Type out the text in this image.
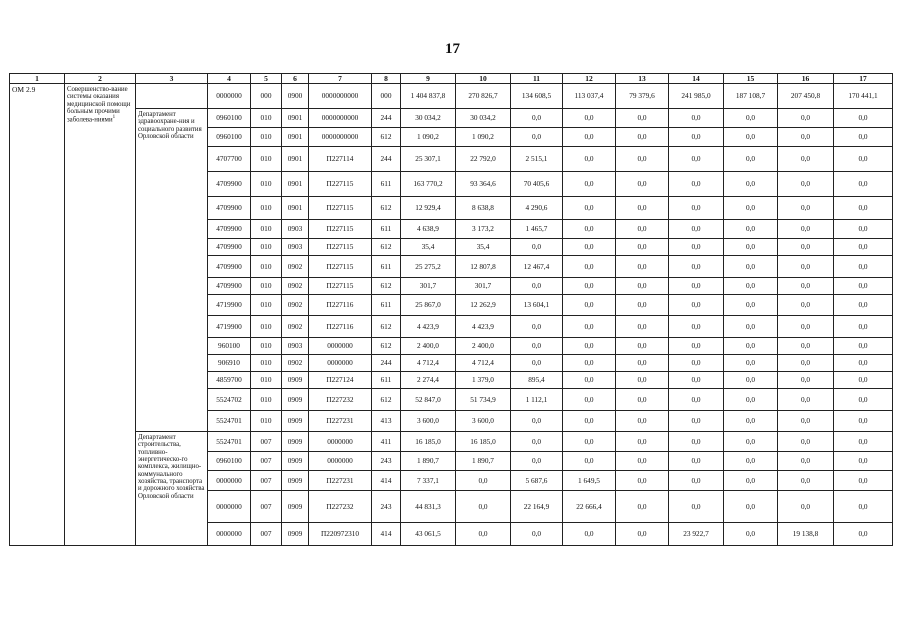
17
1	2	3	4	5	6	7	8	9	10	11	12	13	14	15	16	17
ОМ 2.9	Совершенство-вание системы оказания медицинской помощи больным прочими заболева-ниями$^1$		0000000	000	0900	0000000000	000	1 404 837,8	270 826,7	134 608,5	113 037,4	79 379,6	241 985,0	187 108,7	207 450,8	170 441,1
		Департамент здравоохране-ния и социального развития Орловской области	0960100	010	0901	0000000000	244	30 034,2	30 034,2	0,0	0,0	0,0	0,0	0,0	0,0	0,0
			0960100	010	0901	0000000000	612	1 090,2	1 090,2	0,0	0,0	0,0	0,0	0,0	0,0	0,0
			4707700	010	0901	П227114	244	25 307,1	22 792,0	2 515,1	0,0	0,0	0,0	0,0	0,0	0,0
			4709900	010	0901	П227115	611	163 770,2	93 364,6	70 405,6	0,0	0,0	0,0	0,0	0,0	0,0
			4709900	010	0901	П227115	612	12 929,4	8 638,8	4 290,6	0,0	0,0	0,0	0,0	0,0	0,0
			4709900	010	0903	П227115	611	4 638,9	3 173,2	1 465,7	0,0	0,0	0,0	0,0	0,0	0,0
			4709900	010	0903	П227115	612	35,4	35,4	0,0	0,0	0,0	0,0	0,0	0,0	0,0
			4709900	010	0902	П227115	611	25 275,2	12 807,8	12 467,4	0,0	0,0	0,0	0,0	0,0	0,0
			4709900	010	0902	П227115	612	301,7	301,7	0,0	0,0	0,0	0,0	0,0	0,0	0,0
			4719900	010	0902	П227116	611	25 867,0	12 262,9	13 604,1	0,0	0,0	0,0	0,0	0,0	0,0
			4719900	010	0902	П227116	612	4 423,9	4 423,9	0,0	0,0	0,0	0,0	0,0	0,0	0,0
			960100	010	0903	0000000	612	2 400,0	2 400,0	0,0	0,0	0,0	0,0	0,0	0,0	0,0
			906910	010	0902	0000000	244	4 712,4	4 712,4	0,0	0,0	0,0	0,0	0,0	0,0	0,0
			4859700	010	0909	П227124	611	2 274,4	1 379,0	895,4	0,0	0,0	0,0	0,0	0,0	0,0
			5524702	010	0909	П227232	612	52 847,0	51 734,9	1 112,1	0,0	0,0	0,0	0,0	0,0	0,0
			5524701	010	0909	П227231	413	3 600,0	3 600,0	0,0	0,0	0,0	0,0	0,0	0,0	0,0
		Департамент строительства, топливно-энергетическо-го комплекса, жилищно-коммунального хозяйства, транспорта и дорожного хозяйства Орловской области	5524701	007	0909	0000000	411	16 185,0	16 185,0	0,0	0,0	0,0	0,0	0,0	0,0	0,0
			0960100	007	0909	0000000	243	1 890,7	1 890,7	0,0	0,0	0,0	0,0	0,0	0,0	0,0
			0000000	007	0909	П227231	414	7 337,1	0,0	5 687,6	1 649,5	0,0	0,0	0,0	0,0	0,0
			0000000	007	0909	П227232	243	44 831,3	0,0	22 164,9	22 666,4	0,0	0,0	0,0	0,0	0,0
			0000000	007	0909	П220972310	414	43 061,5	0,0	0,0	0,0	0,0	23 922,7	0,0	19 138,8	0,0
